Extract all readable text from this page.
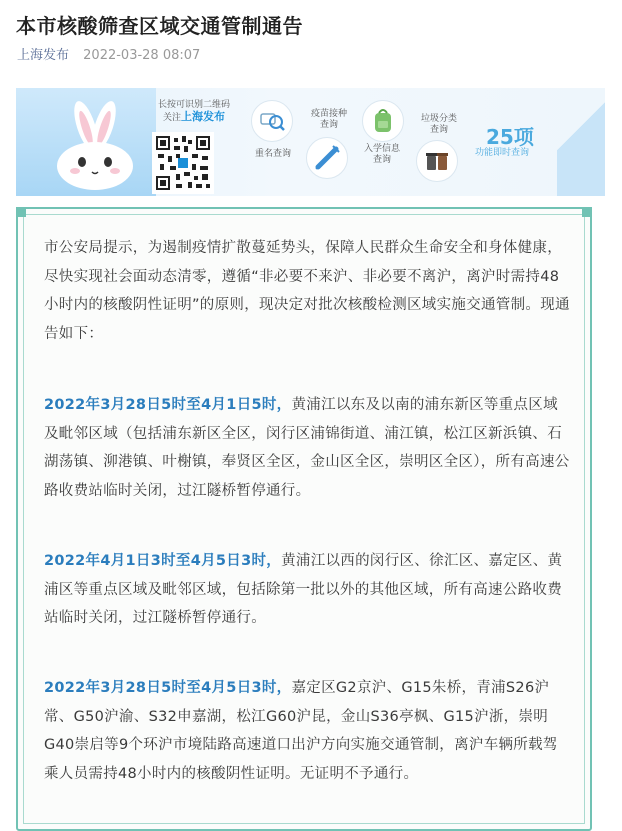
本市核酸筛查区域交通管制通告
上海发布 2022-03-28 08:07
长按可识别二维码
关注上海发布
重名查询
疫苗接种
查询
入学信息
查询
垃圾分类
查询	25项
功能即时查询

市公安局提示，为遏制疫情扩散蔓延势头，保障人民群众生命安全和身体健康，尽快实现社会面动态清零，遵循“非必要不来沪、非必要不离沪，离沪时需持48小时内的核酸阴性证明”的原则，现决定对批次核酸检测区域实施交通管制。现通告如下：

2022年3月28日5时至4月1日5时，黄浦江以东及以南的浦东新区等重点区域及毗邻区域（包括浦东新区全区，闵行区浦锦街道、浦江镇，松江区新浜镇、石湖荡镇、泖港镇、叶榭镇，奉贤区全区，金山区全区，崇明区全区），所有高速公路收费站临时关闭，过江隧桥暂停通行。

2022年4月1日3时至4月5日3时，黄浦江以西的闵行区、徐汇区、嘉定区、黄浦区等重点区域及毗邻区域，包括除第一批以外的其他区域，所有高速公路收费站临时关闭，过江隧桥暂停通行。

2022年3月28日5时至4月5日3时，嘉定区G2京沪、G15朱桥，青浦S26沪常、G50沪渝、S32申嘉湖，松江G60沪昆，金山S36亭枫、G15沪浙，崇明G40崇启等9个环沪市境陆路高速道口出沪方向实施交通管制，离沪车辆所载驾乘人员需持48小时内的核酸阴性证明。无证明不予通行。
